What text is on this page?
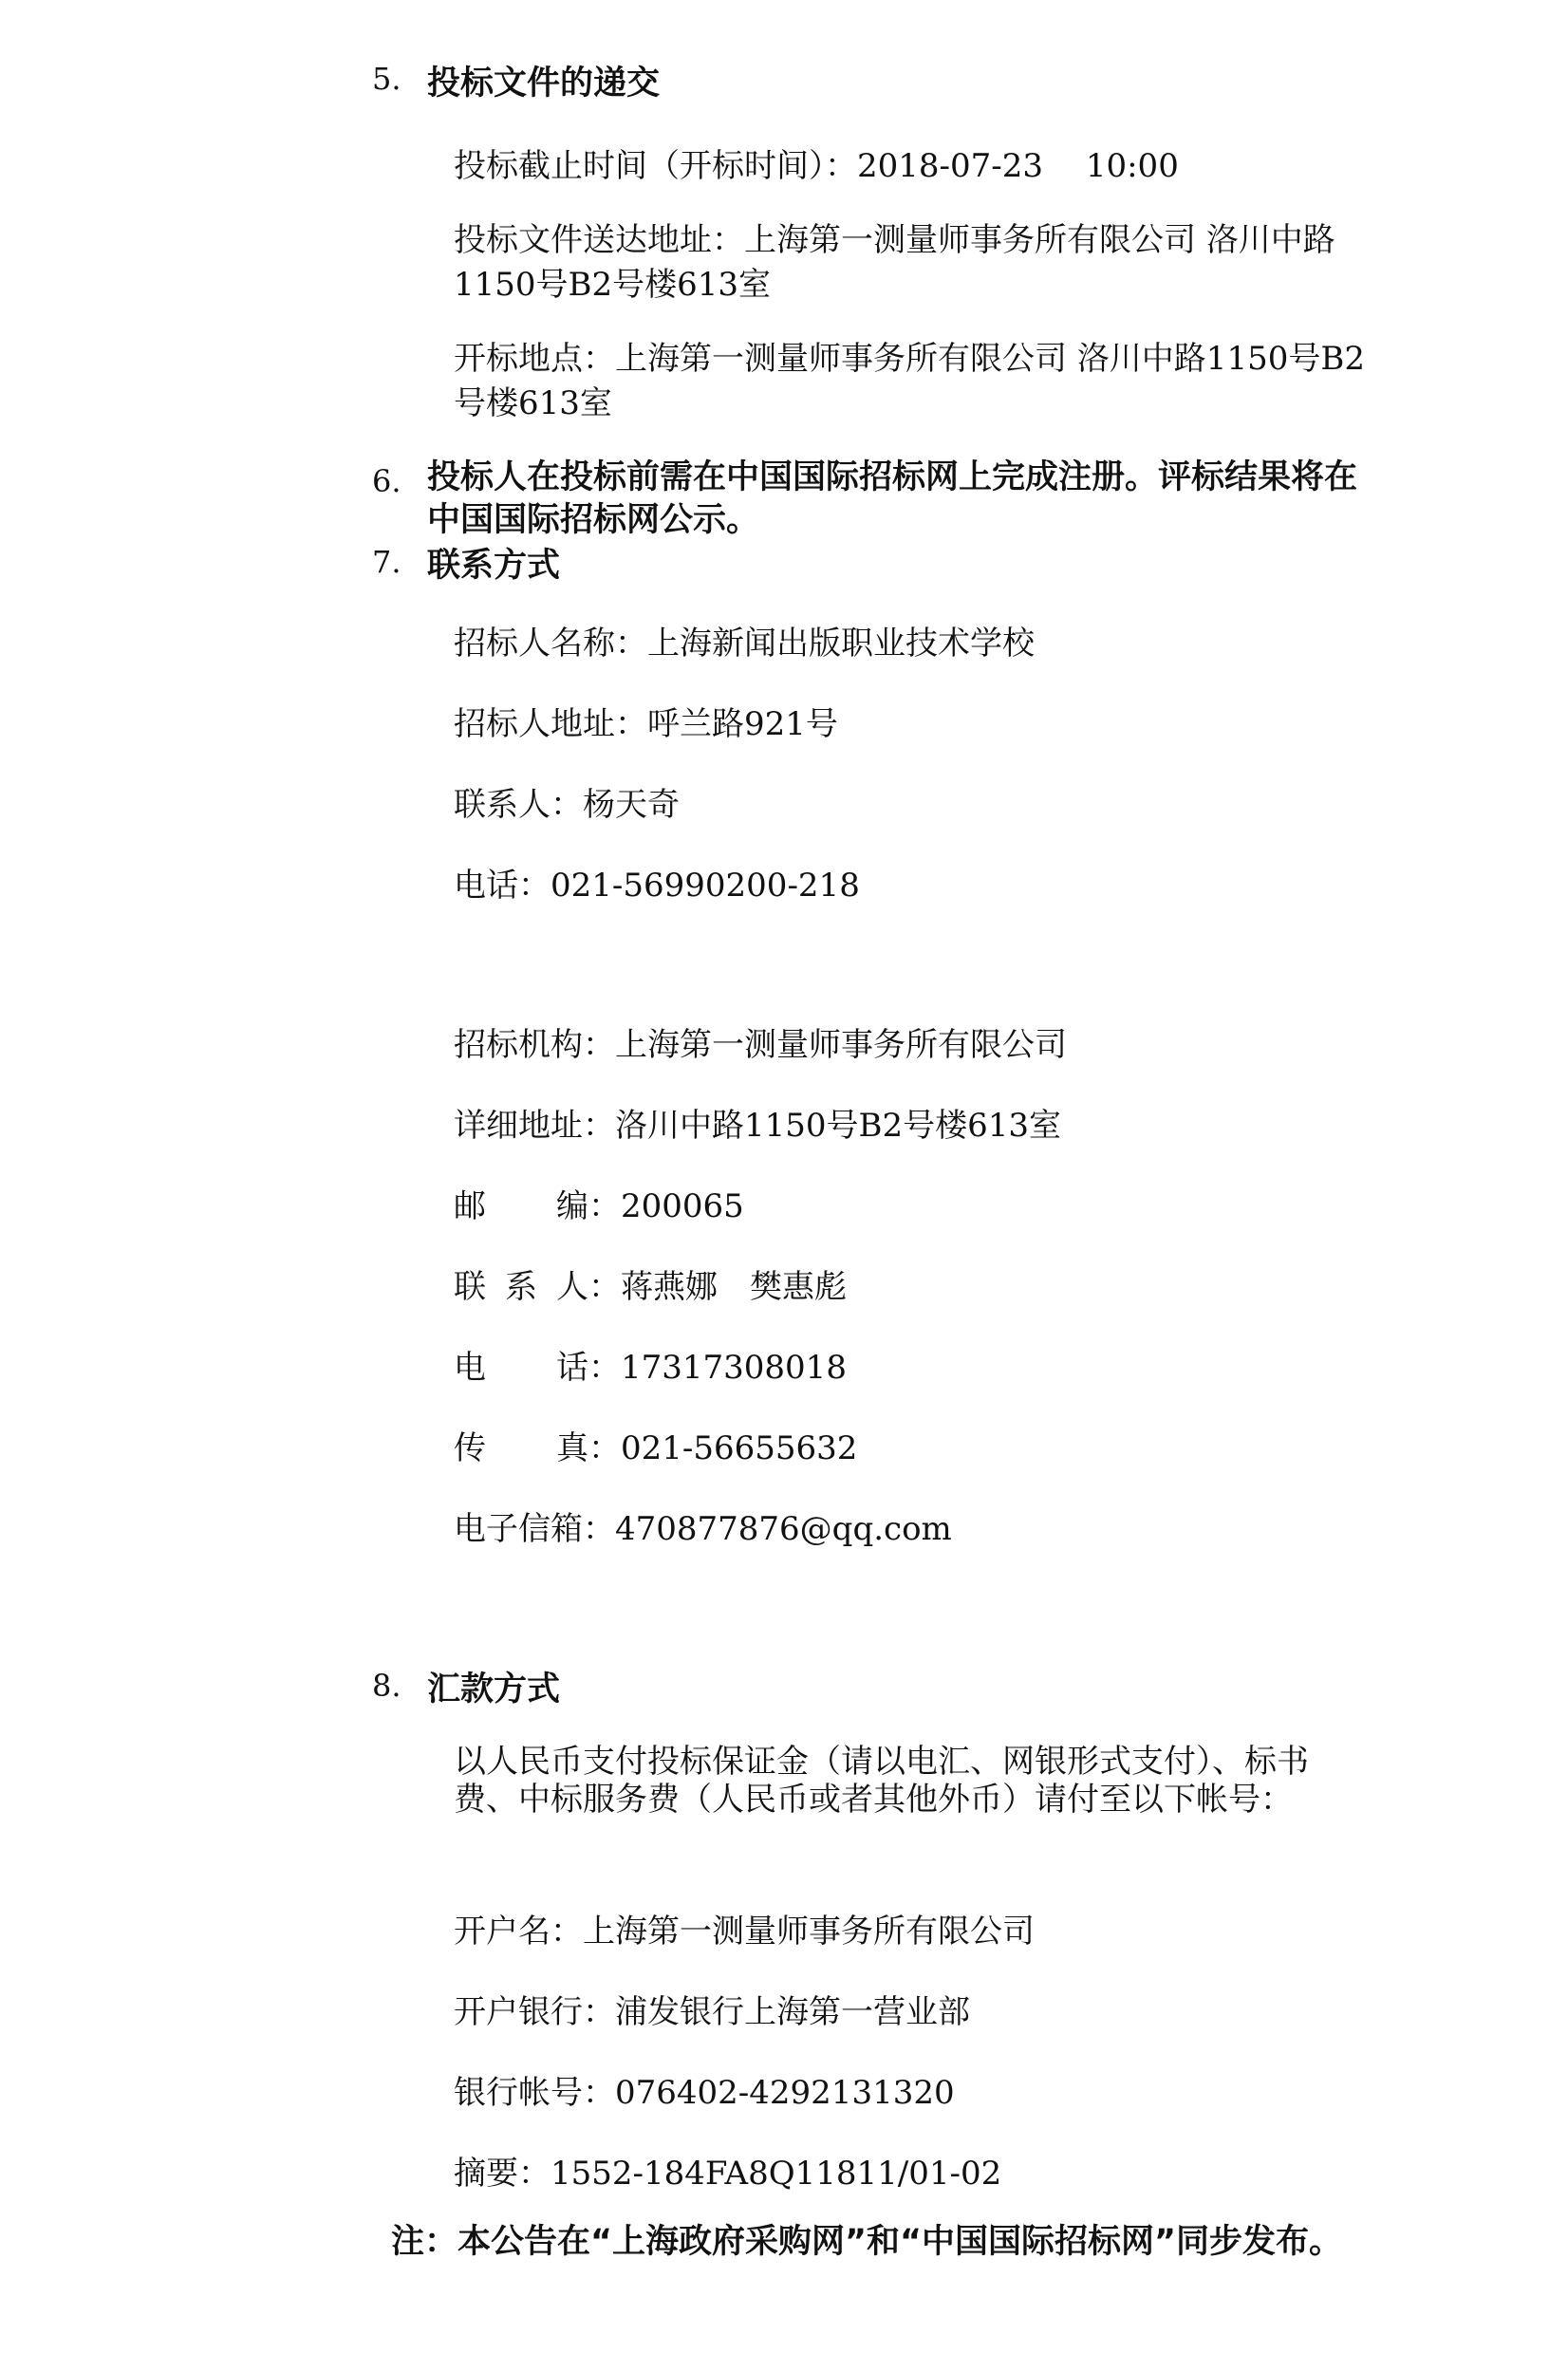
5. 投标文件的递交
投标截止时间（开标时间）：2018-07-23　 10:00
投标文件送达地址：上海第一测量师事务所有限公司 洛川中路1150号B2号楼613室
开标地点：上海第一测量师事务所有限公司 洛川中路1150号B2号楼613室
6. 投标人在投标前需在中国国际招标网上完成注册。评标结果将在中国国际招标网公示。
7. 联系方式
招标人名称：上海新闻出版职业技术学校
招标人地址：呼兰路921号
联系人：杨天奇
电话：021-56990200-218
招标机构：上海第一测量师事务所有限公司
详细地址：洛川中路1150号B2号楼613室
邮 编：200065
联 系 人：蒋燕娜　樊惠彪
电 话：17317308018
传 真：021-56655632
电子信箱：470877876@qq.com
8. 汇款方式
以人民币支付投标保证金（请以电汇、网银形式支付）、标书费、中标服务费（人民币或者其他外币）请付至以下帐号：
开户名：上海第一测量师事务所有限公司
开户银行：浦发银行上海第一营业部
银行帐号：076402-4292131320
摘要：1552-184FA8Q11811/01-02
注：本公告在“上海政府采购网”和“中国国际招标网”同步发布。
